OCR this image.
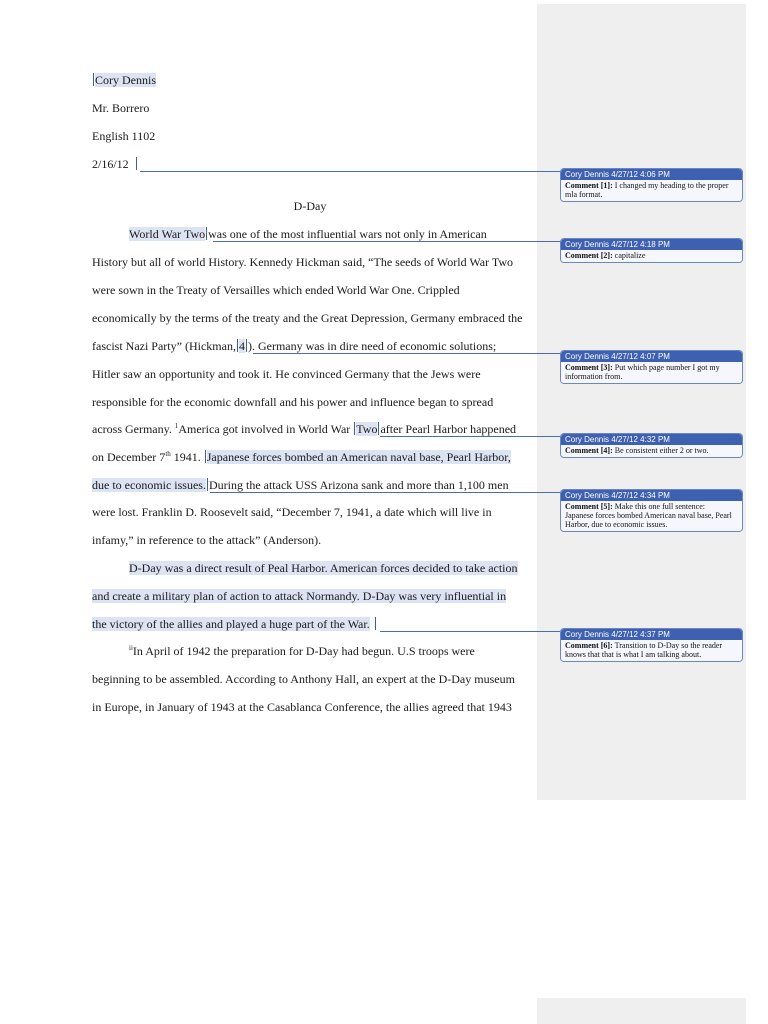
Cory Dennis
Mr. Borrero
English 1102
2/16/12
D-Day
World War Two was one of the most influential wars not only in American
History but all of world History. Kennedy Hickman said, “The seeds of World War Two
were sown in the Treaty of Versailles which ended World War One. Crippled
economically by the terms of the treaty and the Great Depression, Germany embraced the
fascist Nazi Party” (Hickman, 4 ). Germany was in dire need of economic solutions;
Hitler saw an opportunity and took it. He convinced Germany that the Jews were
responsible for the economic downfall and his power and influence began to spread
across Germany. $^1$America got involved in World War Two after Pearl Harbor happened
on December 7th 1941. Japanese forces bombed an American naval base, Pearl Harbor,
due to economic issues. During the attack USS Arizona sank and more than 1,100 men
were lost. Franklin D. Roosevelt said, “December 7, 1941, a date which will live in
infamy,” in reference to the attack” (Anderson).
D-Day was a direct result of Peal Harbor. American forces decided to take action
and create a military plan of action to attack Normandy. D-Day was very influential in
the victory of the allies and played a huge part of the War.
$^{ii}$In April of 1942 the preparation for D-Day had begun. U.S troops were
beginning to be assembled. According to Anthony Hall, an expert at the D-Day museum
in Europe, in January of 1943 at the Casablanca Conference, the allies agreed that 1943
Cory Dennis 4/27/12 4:06 PM
Comment [1]: I changed my heading to the proper mla format.
Cory Dennis 4/27/12 4:18 PM
Comment [2]: capitalize
Cory Dennis 4/27/12 4:07 PM
Comment [3]: Put which page number I got my information from.
Cory Dennis 4/27/12 4:32 PM
Comment [4]: Be consistent either 2 or two.
Cory Dennis 4/27/12 4:34 PM
Comment [5]: Make this one full sentence:
Japanese forces bombed American naval base, Pearl Harbor, due to economic issues.
Cory Dennis 4/27/12 4:37 PM
Comment [6]: Transition to D-Day so the reader knows that that is what I am talking about.
